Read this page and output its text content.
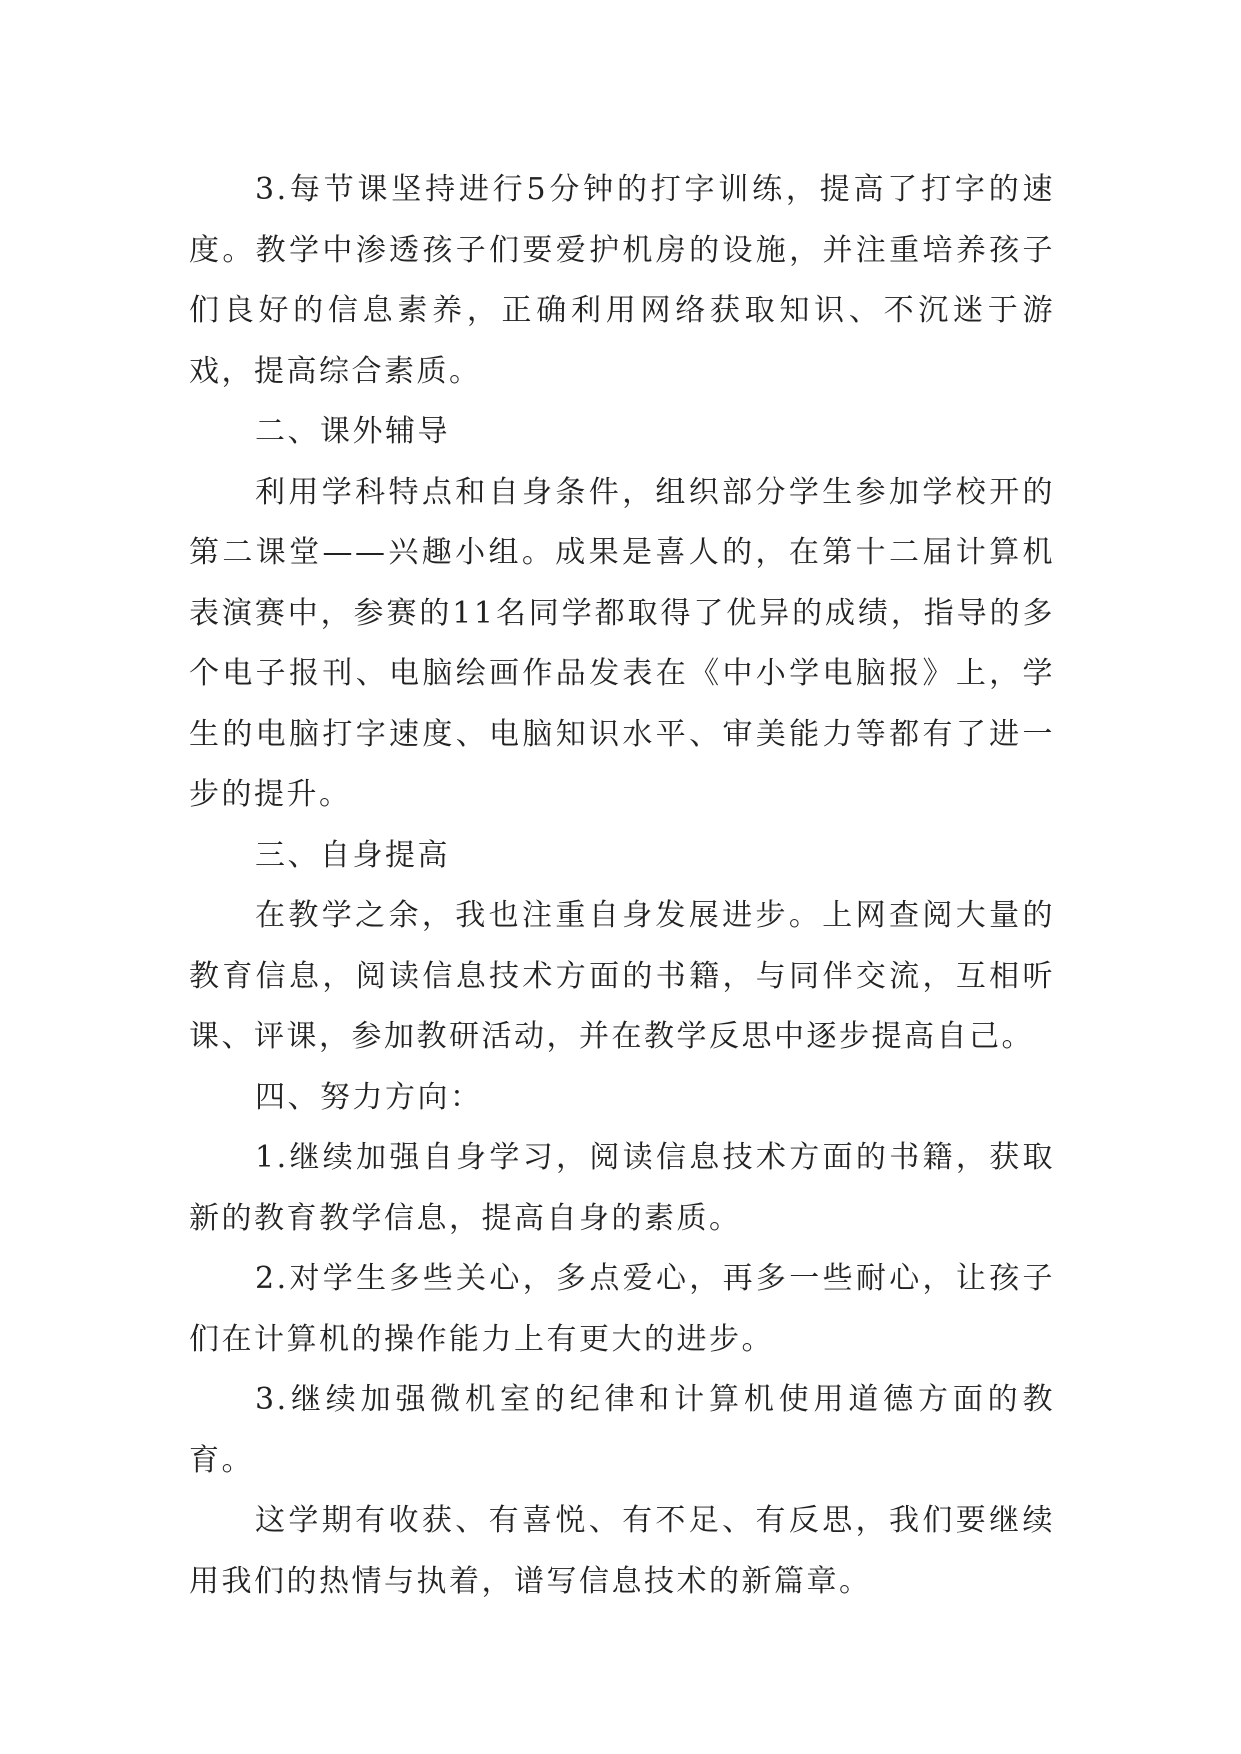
3.每节课坚持进行5分钟的打字训练，提高了打字的速度。教学中渗透孩子们要爱护机房的设施，并注重培养孩子们良好的信息素养，正确利用网络获取知识、不沉迷于游戏，提高综合素质。

二、课外辅导

利用学科特点和自身条件，组织部分学生参加学校开的第二课堂——兴趣小组。成果是喜人的，在第十二届计算机表演赛中，参赛的11名同学都取得了优异的成绩，指导的多个电子报刊、电脑绘画作品发表在《中小学电脑报》上，学生的电脑打字速度、电脑知识水平、审美能力等都有了进一步的提升。

三、自身提高

在教学之余，我也注重自身发展进步。上网查阅大量的教育信息，阅读信息技术方面的书籍，与同伴交流，互相听课、评课，参加教研活动，并在教学反思中逐步提高自己。

四、努力方向：

1.继续加强自身学习，阅读信息技术方面的书籍，获取新的教育教学信息，提高自身的素质。

2.对学生多些关心，多点爱心，再多一些耐心，让孩子们在计算机的操作能力上有更大的进步。

3.继续加强微机室的纪律和计算机使用道德方面的教育。

这学期有收获、有喜悦、有不足、有反思，我们要继续用我们的热情与执着，谱写信息技术的新篇章。
